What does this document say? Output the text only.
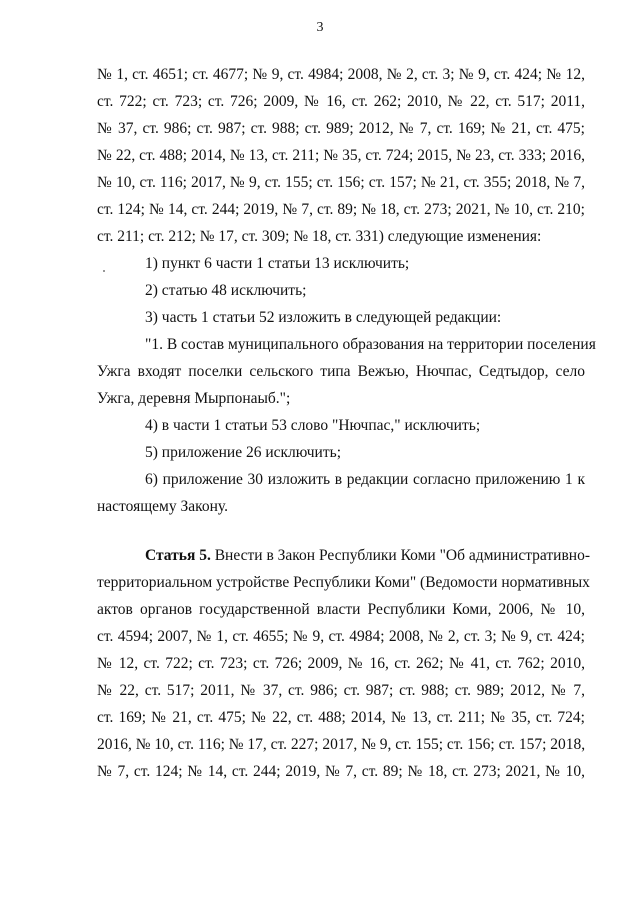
3
№ 1, ст. 4651; ст. 4677; № 9, ст. 4984; 2008, № 2, ст. 3; № 9, ст. 424; № 12,
ст. 722; ст. 723; ст. 726; 2009, № 16, ст. 262; 2010, № 22, ст. 517; 2011,
№ 37, ст. 986; ст. 987; ст. 988; ст. 989; 2012, № 7, ст. 169; № 21, ст. 475;
№ 22, ст. 488; 2014, № 13, ст. 211; № 35, ст. 724; 2015, № 23, ст. 333; 2016,
№ 10, ст. 116; 2017, № 9, ст. 155; ст. 156; ст. 157; № 21, ст. 355; 2018, № 7,
ст. 124; № 14, ст. 244; 2019, № 7, ст. 89; № 18, ст. 273; 2021, № 10, ст. 210;
ст. 211; ст. 212; № 17, ст. 309; № 18, ст. 331) следующие изменения:
1) пункт 6 части 1 статьи 13 исключить;
2) статью 48 исключить;
3) часть 1 статьи 52 изложить в следующей редакции:
"1. В состав муниципального образования на территории поселения
Ужга входят поселки сельского типа Вежъю, Нючпас, Седтыдор, село
Ужга, деревня Мырпонаыб.";
4) в части 1 статьи 53 слово "Нючпас," исключить;
5) приложение 26 исключить;
6) приложение 30 изложить в редакции согласно приложению 1 к
настоящему Закону.
Статья 5. Внести в Закон Республики Коми "Об административно-
территориальном устройстве Республики Коми" (Ведомости нормативных
актов органов государственной власти Республики Коми, 2006, № 10,
ст. 4594; 2007, № 1, ст. 4655; № 9, ст. 4984; 2008, № 2, ст. 3; № 9, ст. 424;
№ 12, ст. 722; ст. 723; ст. 726; 2009, № 16, ст. 262; № 41, ст. 762; 2010,
№ 22, ст. 517; 2011, № 37, ст. 986; ст. 987; ст. 988; ст. 989; 2012, № 7,
ст. 169; № 21, ст. 475; № 22, ст. 488; 2014, № 13, ст. 211; № 35, ст. 724;
2016, № 10, ст. 116; № 17, ст. 227; 2017, № 9, ст. 155; ст. 156; ст. 157; 2018,
№ 7, ст. 124; № 14, ст. 244; 2019, № 7, ст. 89; № 18, ст. 273; 2021, № 10,
